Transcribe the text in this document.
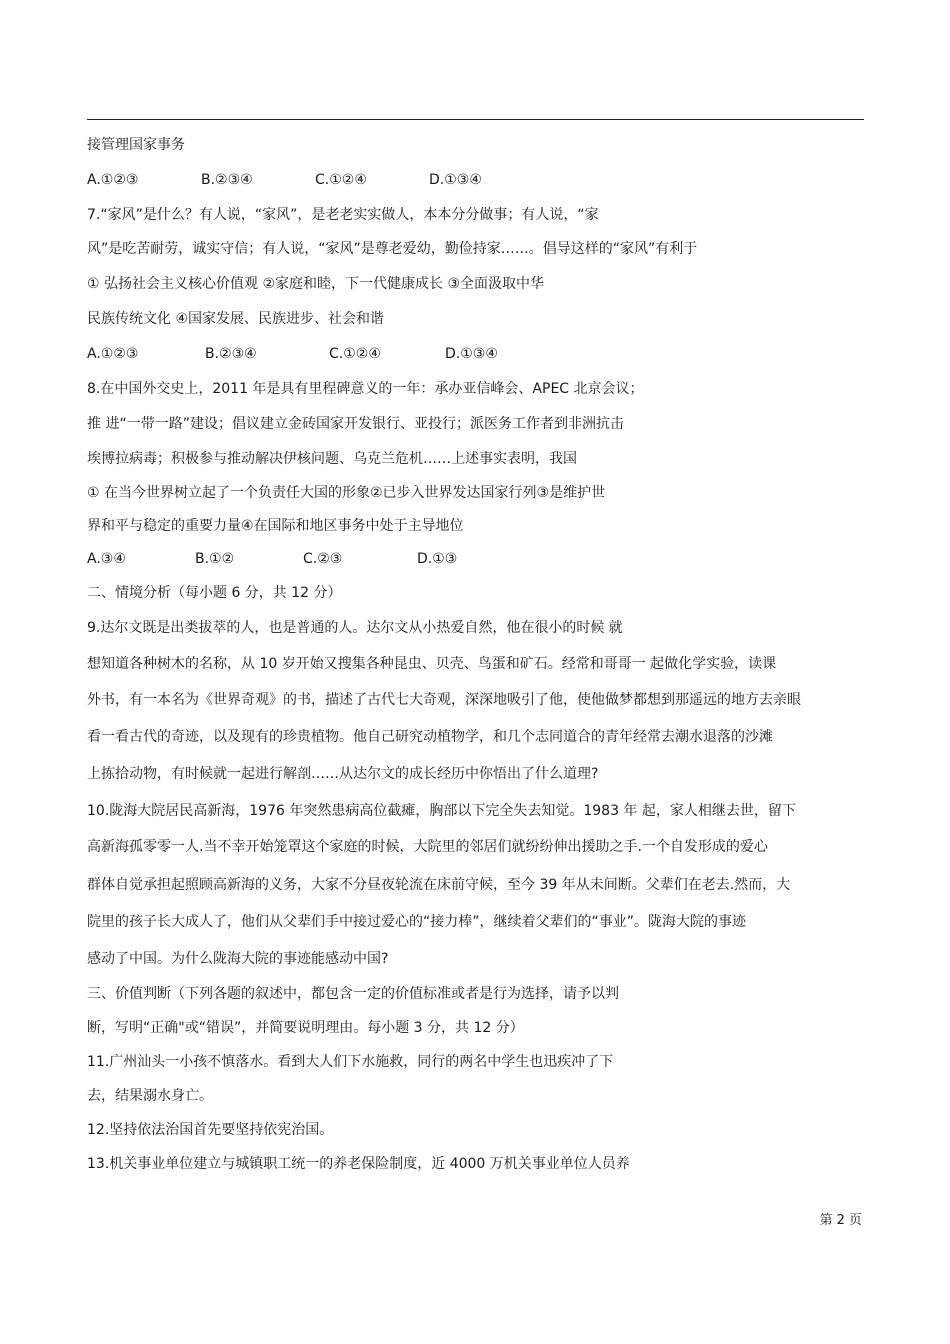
接管理国家事务
A.①②③	B.②③④	C.①②④	D.①③④
7.“家风”是什么？有人说，“家风”，是老老实实做人，本本分分做事；有人说，“家
风”是吃苦耐劳，诚实守信；有人说，“家风”是尊老爱幼，勤俭持家……。倡导这样的“家风”有利于
① 弘扬社会主义核心价值观 ②家庭和睦，下一代健康成长 ③全面汲取中华
民族传统文化 ④国家发展、民族进步、社会和谐
A.①②③	B.②③④	C.①②④	D.①③④
8.在中国外交史上，2011 年是具有里程碑意义的一年：承办亚信峰会、APEC 北京会议；
推 进“一带一路”建设；倡议建立金砖国家开发银行、亚投行；派医务工作者到非洲抗击
埃博拉病毒；积极参与推动解决伊核问题、乌克兰危机……上述事实表明，我国
① 在当今世界树立起了一个负责任大国的形象②已步入世界发达国家行列③是维护世
界和平与稳定的重要力量④在国际和地区事务中处于主导地位
A.③④	B.①②	C.②③	D.①③
二、情境分析（每小题 6 分，共 12 分）
9.达尔文既是出类拔萃的人，也是普通的人。达尔文从小热爱自然，他在很小的时候 就
想知道各种树木的名称，从 10 岁开始又搜集各种昆虫、贝壳、鸟蛋和矿石。经常和哥哥一 起做化学实验，读课
外书，有一本名为《世界奇观》的书，描述了古代七大奇观，深深地吸引了他，使他做梦都想到那遥远的地方去亲眼
看一看古代的奇迹，以及现有的珍贵植物。他自己研究动植物学，和几个志同道合的青年经常去潮水退落的沙滩
上拣拾动物，有时候就一起进行解剖……从达尔文的成长经历中你悟出了什么道理?
10.陇海大院居民高新海，1976 年突然患病高位截瘫，胸部以下完全失去知觉。1983 年 起，家人相继去世，留下
高新海孤零零一人.当不幸开始笼罩这个家庭的时候，大院里的邻居们就纷纷伸出援助之手.一个自发形成的爱心
群体自觉承担起照顾高新海的义务，大家不分昼夜轮流在床前守候，至今 39 年从未间断。父辈们在老去.然而，大
院里的孩子长大成人了，他们从父辈们手中接过爱心的“接力棒”，继续着父辈们的“事业”。陇海大院的事迹
感动了中国。为什么陇海大院的事迹能感动中国?
三、价值判断（下列各题的叙述中，都包含一定的价值标准或者是行为选择，请予以判
断，写明“正确"或“错误”，并简要说明理由。每小题 3 分，共 12 分）
11.广州汕头一小孩不慎落水。看到大人们下水施救，同行的两名中学生也迅疾冲了下
去，结果溺水身亡。
12.坚持依法治国首先要坚持依宪治国。
13.机关事业单位建立与城镇职工统一的养老保险制度，近 4000 万机关事业单位人员养
第 2 页
